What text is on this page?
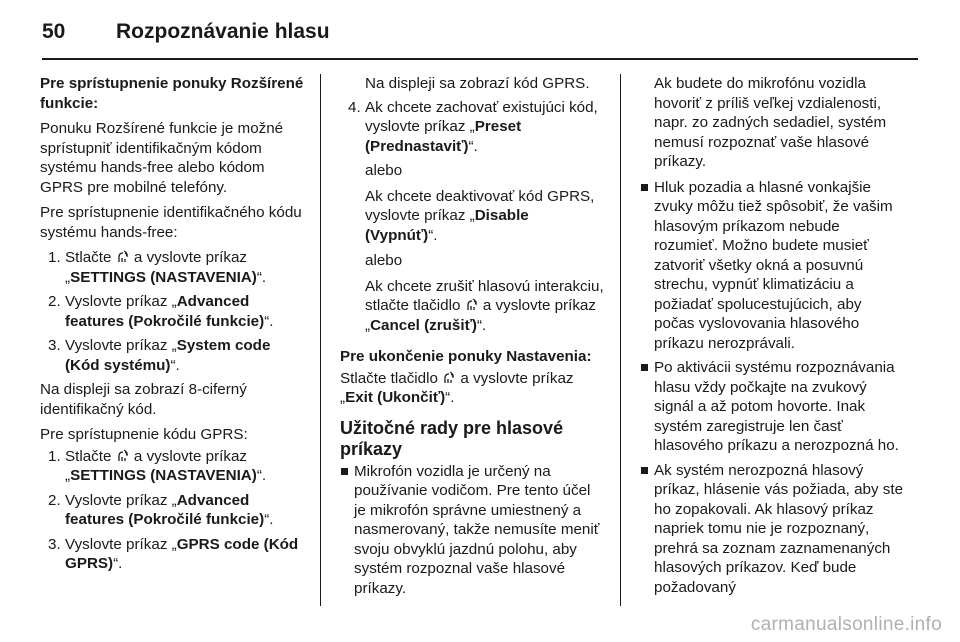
50 Rozpoznávanie hlasu

Pre sprístupnenie ponuky Rozšírené funkcie:

Ponuku Rozšírené funkcie je možné sprístupniť identifikačným kódom systému hands-free alebo kódom GPRS pre mobilné telefóny.

Pre sprístupnenie identifikačného kódu systému hands-free:

1. Stlačte a vyslovte príkaz
„SETTINGS (NASTAVENIA)“.
2. Vyslovte príkaz „Advanced features (Pokročilé funkcie)“.
3. Vyslovte príkaz „System code (Kód systému)“.

Na displeji sa zobrazí 8-ciferný identifikačný kód.

Pre sprístupnenie kódu GPRS:

1. Stlačte a vyslovte príkaz
„SETTINGS (NASTAVENIA)“.
2. Vyslovte príkaz „Advanced features (Pokročilé funkcie)“.
3. Vyslovte príkaz „GPRS code (Kód GPRS)“.

Na displeji sa zobrazí kód GPRS.

4. Ak chcete zachovať existujúci kód, vyslovte príkaz „Preset (Prednastaviť)“.

alebo

Ak chcete deaktivovať kód GPRS, vyslovte príkaz „Disable (Vypnúť)“.

alebo

Ak chcete zrušiť hlasovú interakciu, stlačte tlačidlo a vyslovte príkaz „Cancel (zrušiť)“.

Pre ukončenie ponuky Nastavenia:

Stlačte tlačidlo a vyslovte príkaz
„Exit (Ukončiť)“.

Užitočné rady pre hlasové príkazy
Mikrofón vozidla je určený na používanie vodičom. Pre tento účel je mikrofón správne umiestnený a nasmerovaný, takže nemusíte meniť svoju obvyklú jazdnú polohu, aby systém rozpoznal vaše hlasové príkazy.

Ak budete do mikrofónu vozidla hovoriť z príliš veľkej vzdialenosti, napr. zo zadných sedadiel, systém nemusí rozpoznať vaše hlasové príkazy.

Hluk pozadia a hlasné vonkajšie zvuky môžu tiež spôsobiť, že vašim hlasovým príkazom nebude rozumieť. Možno budete musieť zatvoriť všetky okná a posuvnú strechu, vypnúť klimatizáciu a požiadať spolucestujúcich, aby počas vyslovovania hlasového príkazu nerozprávali.
Po aktivácii systému rozpoznávania hlasu vždy počkajte na zvukový signál a až potom hovorte. Inak systém zaregistruje len časť hlasového príkazu a nerozpozná ho.
Ak systém nerozpozná hlasový príkaz, hlásenie vás požiada, aby ste ho zopakovali. Ak hlasový príkaz napriek tomu nie je rozpoznaný, prehrá sa zoznam zaznamenaných hlasových príkazov. Keď bude požadovaný
carmanualsonline.info
